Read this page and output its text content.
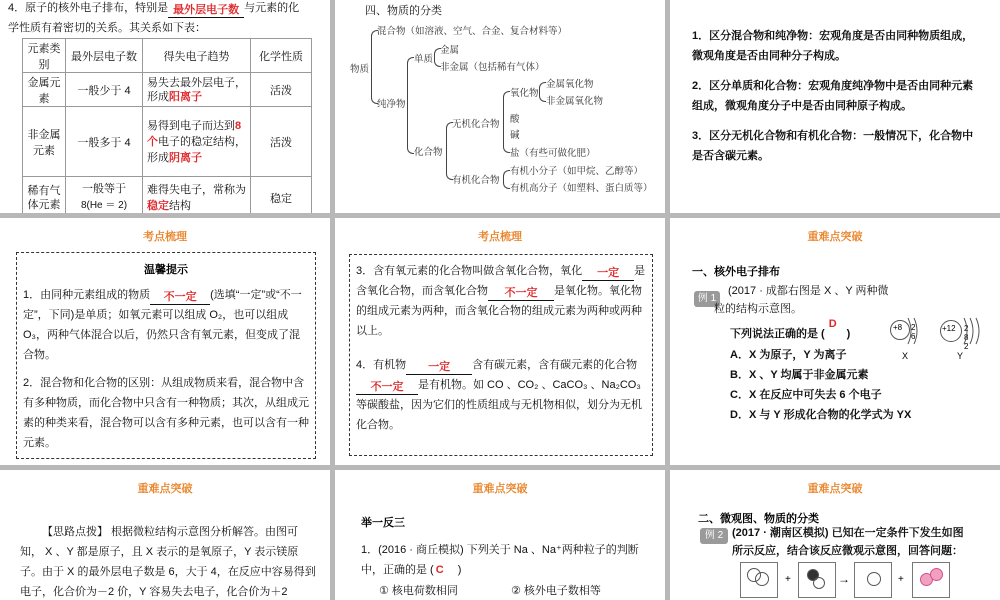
4．原子的核外电子排布，特别是 最外层电子数 与元素的化
学性质有着密切的关系。其关系如下表：
元素类别	最外层电子数	得失电子趋势	化学性质
金属元素	一般少于 4	易失去最外层电子，形成阳离子	活泼
非金属元素	一般多于 4	易得到电子而达到8个电子的稳定结构，形成阴离子	活泼
稀有气体元素	一般等于
8(He ＝ 2)	难得失电子，常称为稳定结构	稳定
四、物质的分类
物质
混合物（如溶液、空气、合金、复合材料等）
纯净物
单质
金属
非金属（包括稀有气体）
化合物
无机化合物
氧化物
金属氧化物
非金属氧化物
酸
碱
盐（有些可做化肥）
有机化合物
有机小分子（如甲烷、乙醇等）
有机高分子（如塑料、蛋白质等）

1．区分混合物和纯净物：宏观角度是否由同种物质组成，微观角度是否由同种分子构成。

2．区分单质和化合物：宏观角度纯净物中是否由同种元素组成，微观角度分子中是否由同种原子构成。

3．区分无机化合物和有机化合物：一般情况下，化合物中是否含碳元素。

考点梳理
温馨提示

1．由同种元素组成的物质 不一定 (选填“一定”或“不一定”，下同)是单质；如氧元素可以组成 O₂，也可以组成 O₃，两种气体混合以后，仍然只含有氧元素，但变成了混合物。

2．混合物和化合物的区别：从组成物质来看，混合物中含有多种物质，而化合物中只含有一种物质；其次，从组成元素的种类来看，混合物可以含有多种元素，也可以含有一种元素。

考点梳理

3．含有氧元素的化合物叫做含氧化合物，氧化 一定 是含氧化合物，而含氧化合物 不一定 是氧化物。氧化物的组成元素为两种，而含氧化合物的组成元素为两种或两种以上。

4．有机物 一定 含有碳元素，含有碳元素的化合物不一定 是有机物。如 CO 、CO₂ 、CaCO₃ 、Na₂CO₃ 等碳酸盐，因为它们的性质组成与无机物相似，划分为无机化合物。

重难点突破
一、核外电子排布
例 1
(2017 · 成都右图是 X 、Y 两种微粒的结构示意图。
下列说法正确的是 (D)
A．X 为原子，Y 为离子
B．X 、Y 均属于非金属元素
C．X 在反应中可失去 6 个电子
D．X 与 Y 形成化合物的化学式为 YX
+8 2 6
X
+12 2 8 2
Y
重难点突破
【思路点拨】 根据微粒结构示意图分析解答。由图可知， X 、Y 都是原子，且 X 表示的是氧原子，Y 表示镁原子。由于 X 的最外层电子数是 6，大于 4，在反应中容易得到电子，化合价为－2 价，Y 容易失去电子，化合价为＋2
重难点突破
举一反三
1．(2016 · 商丘模拟) 下列关于 Na 、Na⁺两种粒子的判断中，正确的是 ( C )
① 核电荷数相同	② 核外电子数相等
重难点突破
二、微观图、物质的分类
例 2 (2017 · 潮南区模拟) 已知在一定条件下发生如图所示反应，结合该反应微观示意图，回答问题：
+	→	+
